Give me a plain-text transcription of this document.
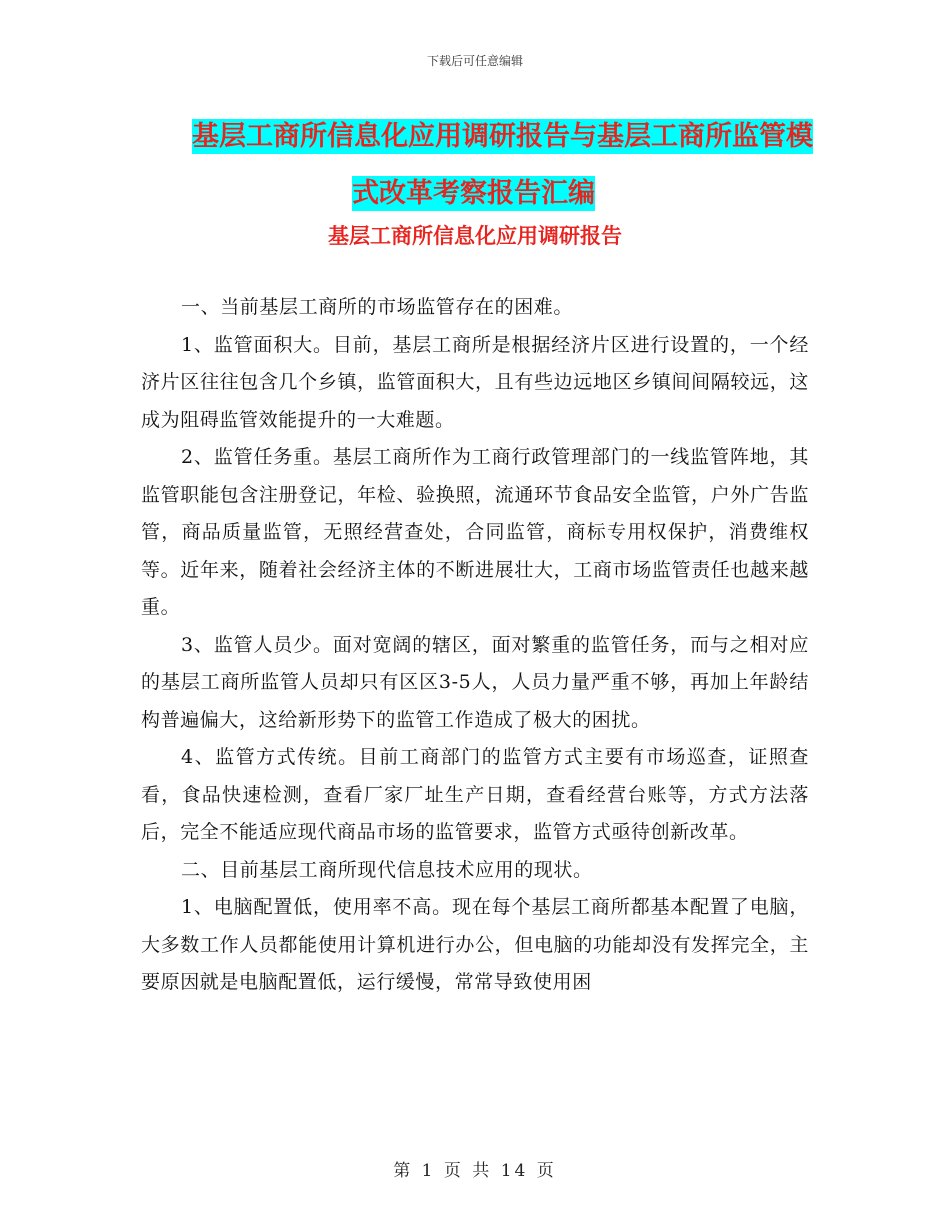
下载后可任意编辑
基层工商所信息化应用调研报告与基层工商所监管模
式改革考察报告汇编
基层工商所信息化应用调研报告

一、当前基层工商所的市场监管存在的困难。

1、监管面积大。目前，基层工商所是根据经济片区进行设置的，一个经济片区往往包含几个乡镇，监管面积大，且有些边远地区乡镇间间隔较远，这成为阻碍监管效能提升的一大难题。

2、监管任务重。基层工商所作为工商行政管理部门的一线监管阵地，其监管职能包含注册登记，年检、验换照，流通环节食品安全监管，户外广告监管，商品质量监管，无照经营查处，合同监管，商标专用权保护，消费维权等。近年来，随着社会经济主体的不断进展壮大，工商市场监管责任也越来越重。

3、监管人员少。面对宽阔的辖区，面对繁重的监管任务，而与之相对应的基层工商所监管人员却只有区区3-5人，人员力量严重不够，再加上年龄结构普遍偏大，这给新形势下的监管工作造成了极大的困扰。

4、监管方式传统。目前工商部门的监管方式主要有市场巡查，证照查看，食品快速检测，查看厂家厂址生产日期，查看经营台账等，方式方法落后，完全不能适应现代商品市场的监管要求，监管方式亟待创新改革。

二、目前基层工商所现代信息技术应用的现状。

1、电脑配置低，使用率不高。现在每个基层工商所都基本配置了电脑，大多数工作人员都能使用计算机进行办公，但电脑的功能却没有发挥完全，主要原因就是电脑配置低，运行缓慢，常常导致使用困

第 1 页 共 14 页
